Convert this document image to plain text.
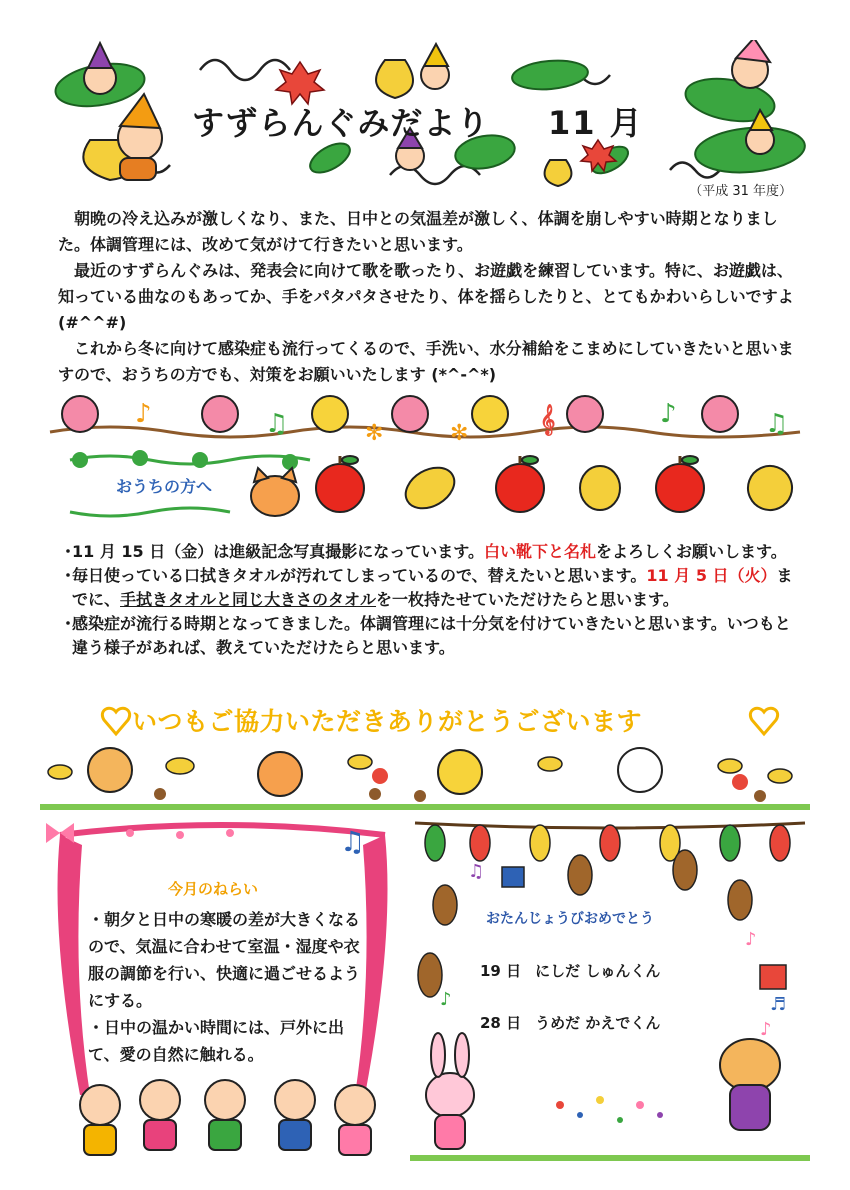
すずらんぐみだより 11 月
（平成 31 年度）

朝晩の冷え込みが激しくなり、また、日中との気温差が激しく、体調を崩しやすい時期となりました。体調管理には、改めて気がけて行きたいと思います。

最近のすずらんぐみは、発表会に向けて歌を歌ったり、お遊戯を練習しています。特に、お遊戯は、知っている曲なのもあってか、手をパタパタさせたり、体を揺らしたりと、とてもかわいらしいですよ (#^^#)

これから冬に向けて感染症も流行ってくるので、手洗い、水分補給をこまめにしていきたいと思いますので、おうちの方でも、対策をお願いいたします (*^-^*)

♪	♫	𝄞	♪	♫
✻	✻
おうちの方へ

・
11 月 15 日（金）は進級記念写真撮影になっています。白い靴下と名札をよろしくお願いします。

・
毎日使っている口拭きタオルが汚れてしまっているので、替えたいと思います。11 月 5 日（火）までに、手拭きタオルと同じ大きさのタオルを一枚持たせていただけたらと思います。

・
感染症が流行る時期となってきました。体調管理には十分気を付けていきたいと思います。いつもと違う様子があれば、教えていただけたらと思います。

いつもご協力いただきありがとうございます
♫
今月のねらい

・朝夕と日中の寒暖の差が大きくなるので、気温に合わせて室温・湿度や衣服の調節を行い、快適に過ごせるようにする。

・日中の温かい時間には、戸外に出て、愛の自然に触れる。

♫
♪
♬
♪
♪
おたんじょうびおめでとう
19 日 にしだ しゅんくん
28 日 うめだ かえでくん
